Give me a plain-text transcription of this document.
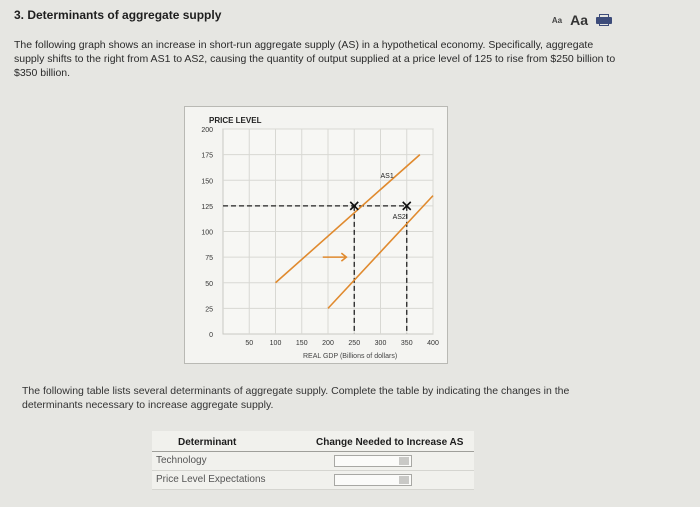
3. Determinants of aggregate supply	Aa Aa
The following graph shows an increase in short-run aggregate supply (AS) in a hypothetical economy. Specifically, aggregate supply shifts to the right from AS1 to AS2, causing the quantity of output supplied at a price level of 125 to rise from $250 billion to $350 billion.
PRICE LEVEL
REAL GDP (Billions of dollars)
AS1
AS2
0
25
50
75
100
125
150
175
200
50 100 150 200 250 300 350 400
The following table lists several determinants of aggregate supply. Complete the table by indicating the changes in the determinants necessary to increase aggregate supply.
Determinant	Change Needed to Increase AS

Technology

Price Level Expectations
